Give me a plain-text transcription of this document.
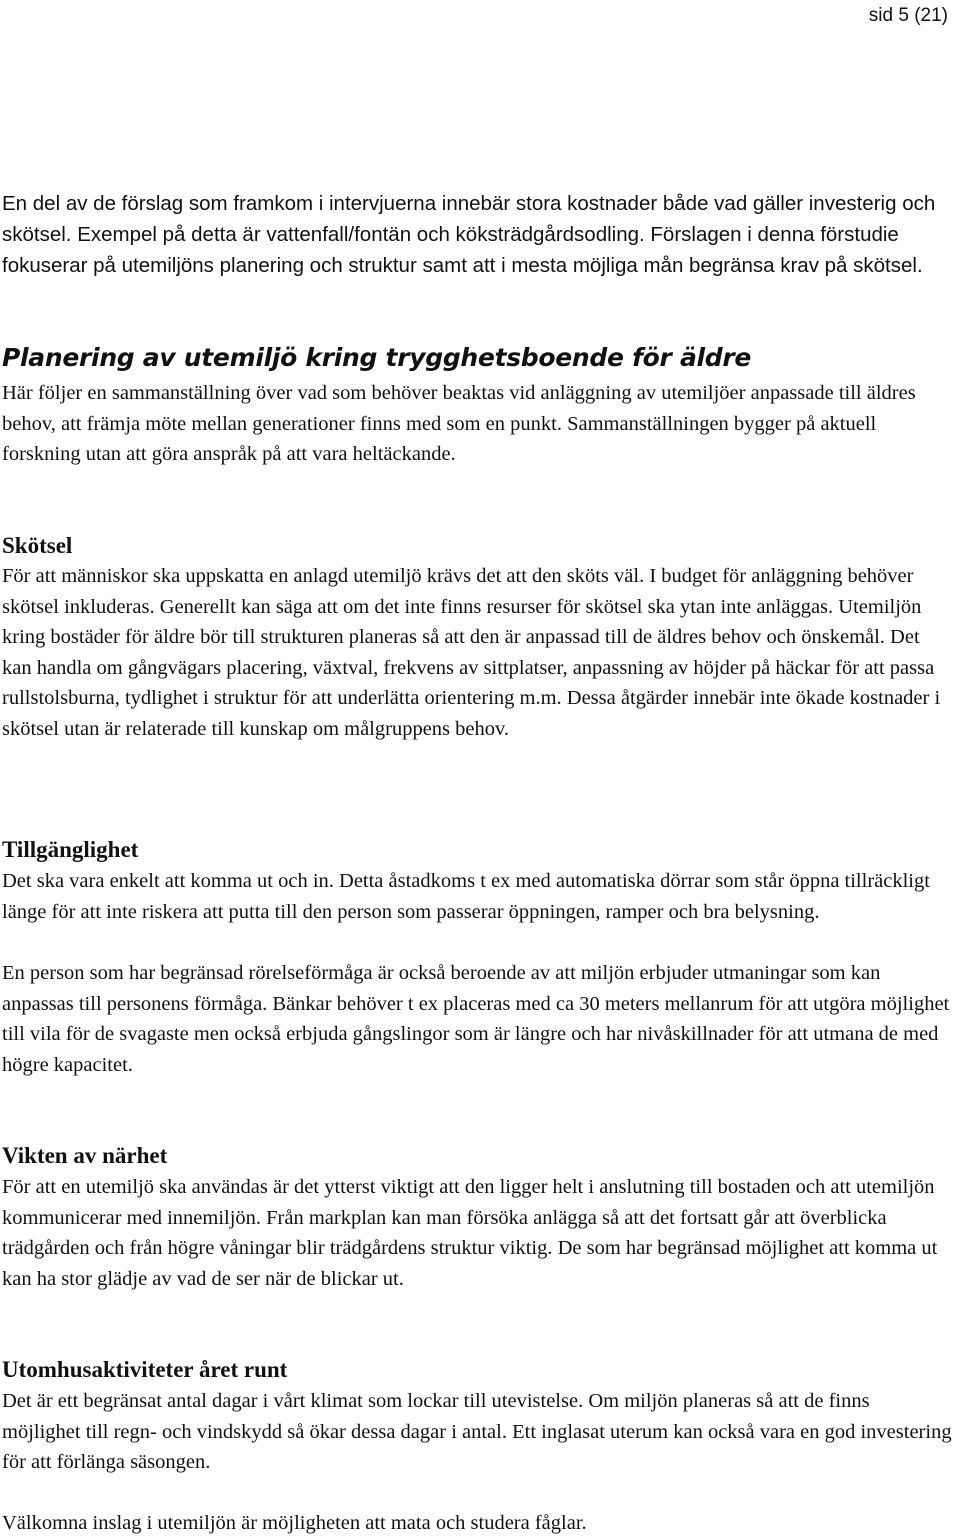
sid 5 (21)

En del av de förslag som framkom i intervjuerna innebär stora kostnader både vad gäller investerig och skötsel. Exempel på detta är vattenfall/fontän och köksträdgårdsodling. Förslagen i denna förstudie fokuserar på utemiljöns planering och struktur samt att i mesta möjliga mån begränsa krav på skötsel.

Planering av utemiljö kring trygghetsboende för äldre

Här följer en sammanställning över vad som behöver beaktas vid anläggning av utemiljöer anpassade till äldres behov, att främja möte mellan generationer finns med som en punkt. Sammanställningen bygger på aktuell forskning utan att göra anspråk på att vara heltäckande.

Skötsel

För att människor ska uppskatta en anlagd utemiljö krävs det att den sköts väl. I budget för anläggning behöver skötsel inkluderas. Generellt kan säga att om det inte finns resurser för skötsel ska ytan inte anläggas. Utemiljön kring bostäder för äldre bör till strukturen planeras så att den är anpassad till de äldres behov och önskemål. Det kan handla om gångvägars placering, växtval, frekvens av sittplatser, anpassning av höjder på häckar för att passa rullstolsburna, tydlighet i struktur för att underlätta orientering m.m. Dessa åtgärder innebär inte ökade kostnader i skötsel utan är relaterade till kunskap om målgruppens behov.

Tillgänglighet

Det ska vara enkelt att komma ut och in. Detta åstadkoms t ex med automatiska dörrar som står öppna tillräckligt länge för att inte riskera att putta till den person som passerar öppningen, ramper och bra belysning.

En person som har begränsad rörelseförmåga är också beroende av att miljön erbjuder utmaningar som kan anpassas till personens förmåga. Bänkar behöver t ex placeras med ca 30 meters mellanrum för att utgöra möjlighet till vila för de svagaste men också erbjuda gångslingor som är längre och har nivåskillnader för att utmana de med högre kapacitet.

Vikten av närhet

För att en utemiljö ska användas är det ytterst viktigt att den ligger helt i anslutning till bostaden och att utemiljön kommunicerar med innemiljön. Från markplan kan man försöka anlägga så att det fortsatt går att överblicka trädgården och från högre våningar blir trädgårdens struktur viktig. De som har begränsad möjlighet att komma ut kan ha stor glädje av vad de ser när de blickar ut.

Utomhusaktiviteter året runt

Det är ett begränsat antal dagar i vårt klimat som lockar till utevistelse. Om miljön planeras så att de finns möjlighet till regn- och vindskydd så ökar dessa dagar i antal. Ett inglasat uterum kan också vara en god investering för att förlänga säsongen.

Välkomna inslag i utemiljön är möjligheten att mata och studera fåglar.
